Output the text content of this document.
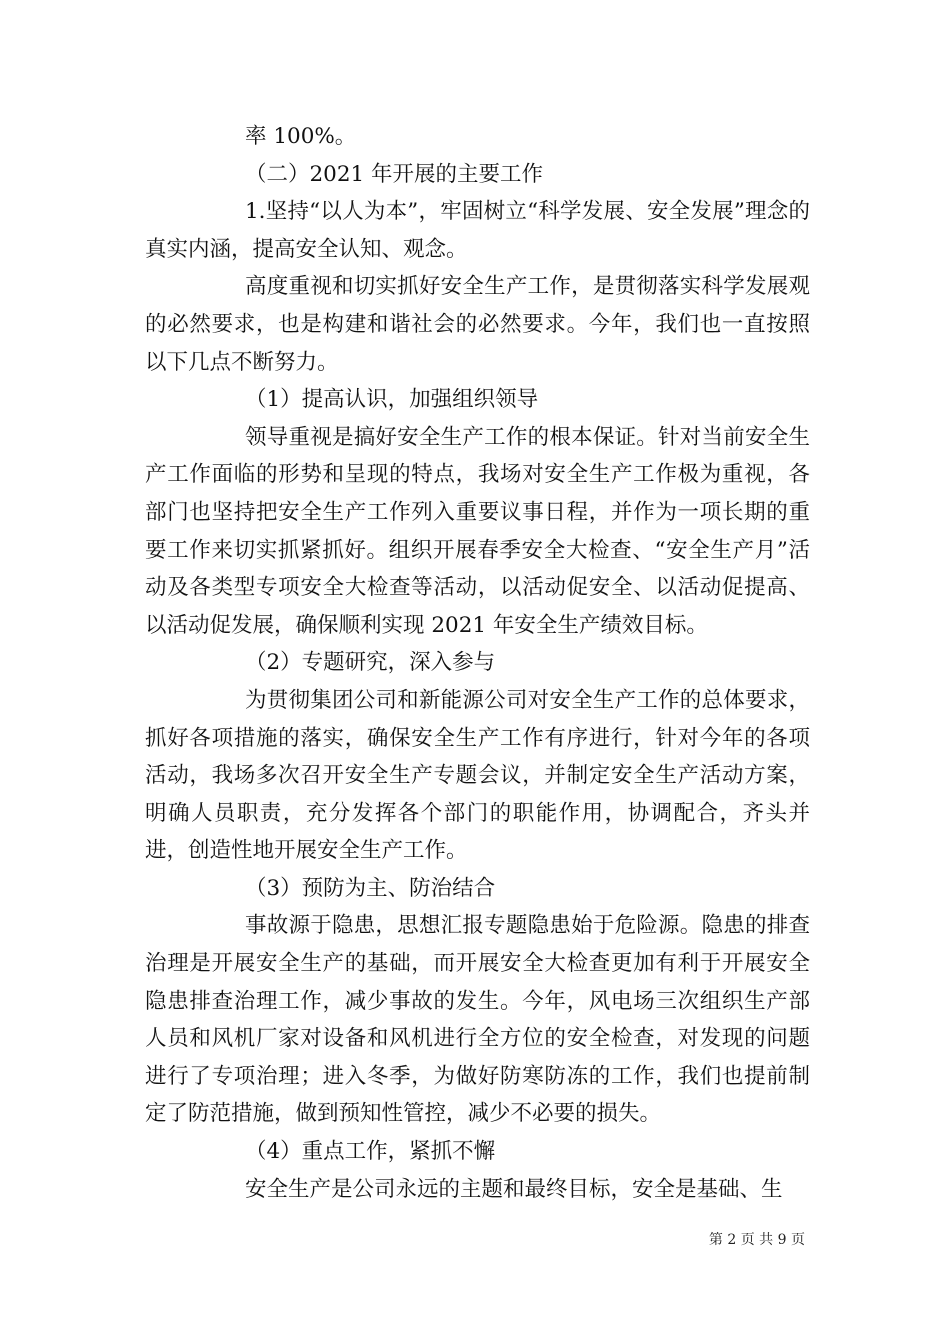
率 100%。

（二）2021 年开展的主要工作

1.坚持“以人为本”，牢固树立“科学发展、安全发展”理念的真实内涵，提高安全认知、观念。

高度重视和切实抓好安全生产工作，是贯彻落实科学发展观的必然要求，也是构建和谐社会的必然要求。今年，我们也一直按照以下几点不断努力。

（1）提高认识，加强组织领导

领导重视是搞好安全生产工作的根本保证。针对当前安全生产工作面临的形势和呈现的特点，我场对安全生产工作极为重视，各部门也坚持把安全生产工作列入重要议事日程，并作为一项长期的重要工作来切实抓紧抓好。组织开展春季安全大检查、“安全生产月”活动及各类型专项安全大检查等活动，以活动促安全、以活动促提高、以活动促发展，确保顺利实现 2021 年安全生产绩效目标。

（2）专题研究，深入参与

为贯彻集团公司和新能源公司对安全生产工作的总体要求，抓好各项措施的落实，确保安全生产工作有序进行，针对今年的各项活动，我场多次召开安全生产专题会议，并制定安全生产活动方案，明确人员职责，充分发挥各个部门的职能作用，协调配合，齐头并进，创造性地开展安全生产工作。

（3）预防为主、防治结合

事故源于隐患，思想汇报专题隐患始于危险源。隐患的排查治理是开展安全生产的基础，而开展安全大检查更加有利于开展安全隐患排查治理工作，减少事故的发生。今年，风电场三次组织生产部人员和风机厂家对设备和风机进行全方位的安全检查，对发现的问题进行了专项治理；进入冬季，为做好防寒防冻的工作，我们也提前制定了防范措施，做到预知性管控，减少不必要的损失。

（4）重点工作，紧抓不懈

安全生产是公司永远的主题和最终目标，安全是基础、生

第 2 页 共 9 页
